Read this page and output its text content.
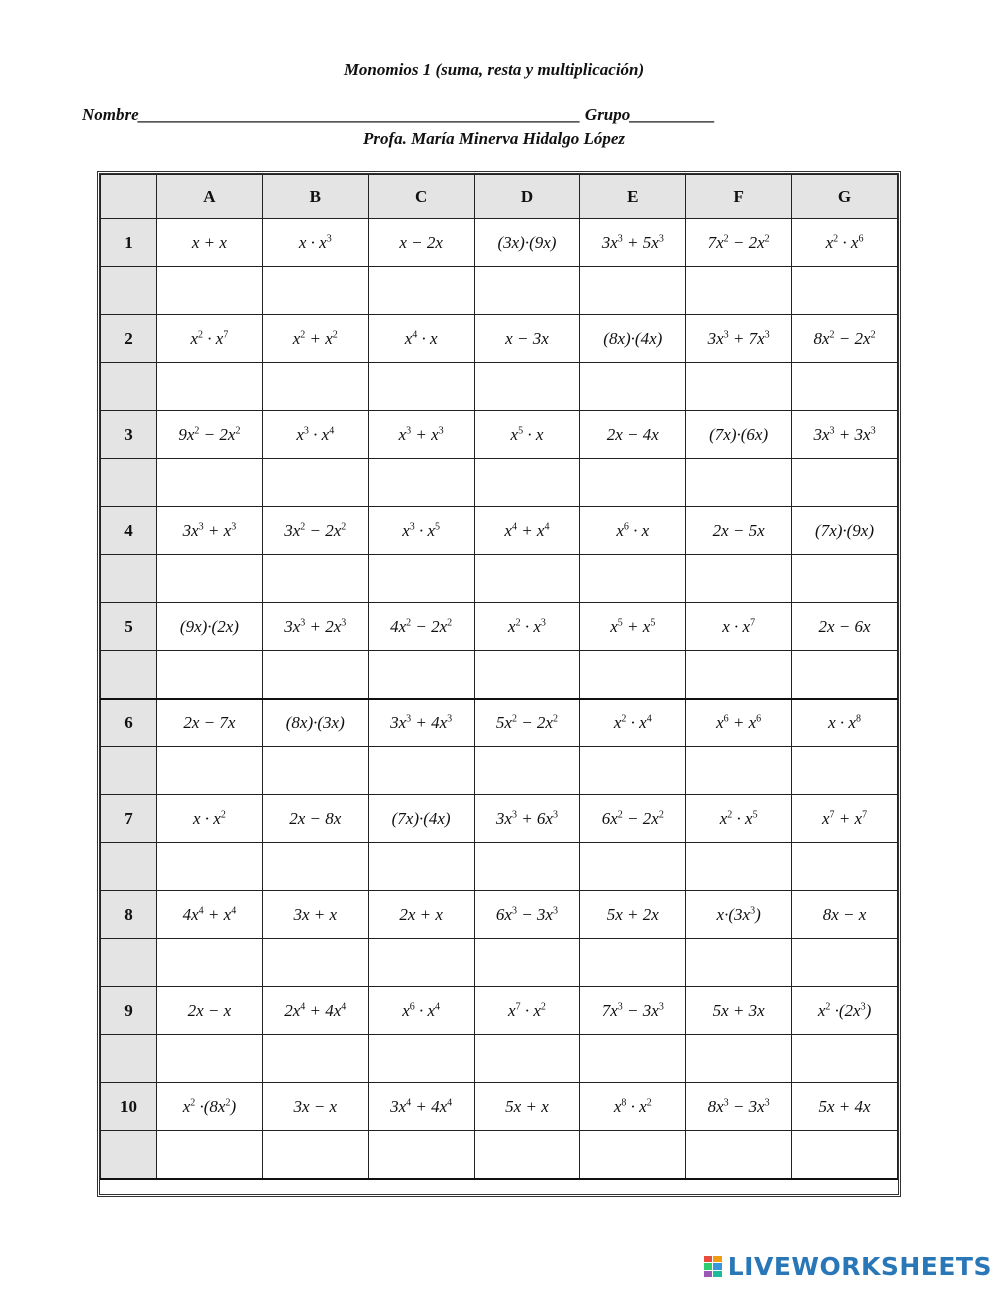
Monomios 1 (suma, resta y multiplicación)
Nombre____________________________________________________ Grupo__________
Profa. María Minerva Hidalgo López
	A	B	C	D	E	F	G
1	x + x	$x \cdot x^3$	x − 2x	(3x)·(9x)	$3x^3 + 5x^3$	$7x^2 - 2x^2$	$x^2 \cdot x^6$

2	$x^2 \cdot x^7$	$x^2 + x^2$	$x^4 \cdot x$	x − 3x	(8x)·(4x)	$3x^3 + 7x^3$	$8x^2 - 2x^2$

3	$9x^2 - 2x^2$	$x^3 \cdot x^4$	$x^3 + x^3$	$x^5 \cdot x$	2x − 4x	(7x)·(6x)	$3x^3 + 3x^3$

4	$3x^3 + x^3$	$3x^2 - 2x^2$	$x^3 \cdot x^5$	$x^4 + x^4$	$x^6 \cdot x$	2x − 5x	(7x)·(9x)

5	(9x)·(2x)	$3x^3 + 2x^3$	$4x^2 - 2x^2$	$x^2 \cdot x^3$	$x^5 + x^5$	$x \cdot x^7$	2x − 6x

6	2x − 7x	(8x)·(3x)	$3x^3 + 4x^3$	$5x^2 - 2x^2$	$x^2 \cdot x^4$	$x^6 + x^6$	$x \cdot x^8$

7	$x \cdot x^2$	2x − 8x	(7x)·(4x)	$3x^3 + 6x^3$	$6x^2 - 2x^2$	$x^2 \cdot x^5$	$x^7 + x^7$

8	$4x^4 + x^4$	3x + x	2x + x	$6x^3 - 3x^3$	5x + 2x	$x\cdot(3x^3)$	8x − x

9	2x − x	$2x^4 + 4x^4$	$x^6 \cdot x^4$	$x^7 \cdot x^2$	$7x^3 - 3x^3$	5x + 3x	$x^2 \cdot(2x^3)$

10	$x^2 \cdot(8x^2)$	3x − x	$3x^4 + 4x^4$	5x + x	$x^8 \cdot x^2$	$8x^3 - 3x^3$	5x + 4x

LIVEWORKSHEETS
